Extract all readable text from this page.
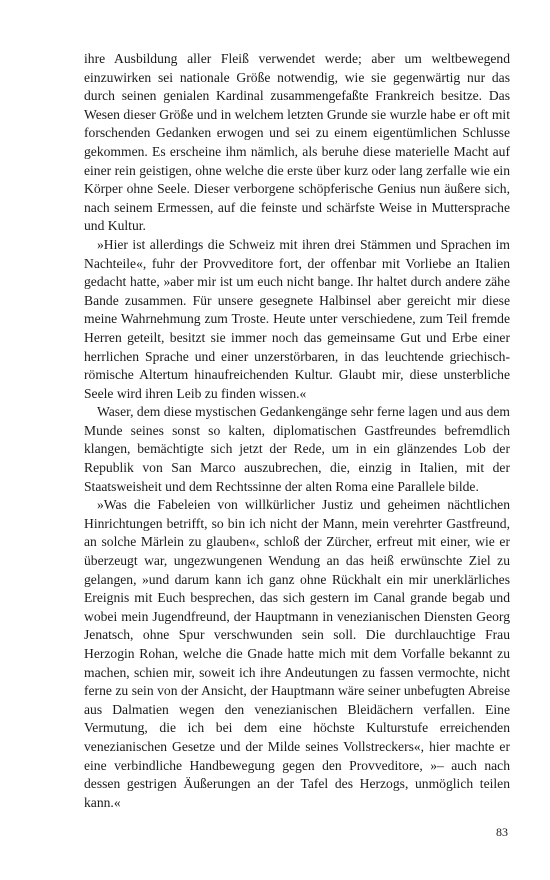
ihre Ausbildung aller Fleiß verwendet werde; aber um weltbewegend einzuwirken sei nationale Größe notwendig, wie sie gegenwärtig nur das durch seinen genialen Kardinal zusammengefaßte Frankreich besitze. Das Wesen dieser Größe und in welchem letzten Grunde sie wurzle habe er oft mit forschenden Gedanken erwogen und sei zu einem eigentümlichen Schlusse gekommen. Es erscheine ihm nämlich, als beruhe diese materielle Macht auf einer rein geistigen, ohne welche die erste über kurz oder lang zerfalle wie ein Körper ohne Seele. Dieser verborgene schöpferische Genius nun äußere sich, nach seinem Ermessen, auf die feinste und schärfste Weise in Muttersprache und Kultur.

»Hier ist allerdings die Schweiz mit ihren drei Stämmen und Sprachen im Nachteile«, fuhr der Provveditore fort, der offenbar mit Vorliebe an Italien gedacht hatte, »aber mir ist um euch nicht bange. Ihr haltet durch andere zähe Bande zusammen. Für unsere gesegnete Halbinsel aber gereicht mir diese meine Wahrnehmung zum Troste. Heute unter verschiedene, zum Teil fremde Herren geteilt, besitzt sie immer noch das gemeinsame Gut und Erbe einer herrlichen Sprache und einer unzerstörbaren, in das leuchtende griechisch-römische Altertum hinaufreichenden Kultur. Glaubt mir, diese unsterbliche Seele wird ihren Leib zu finden wissen.«

Waser, dem diese mystischen Gedankengänge sehr ferne lagen und aus dem Munde seines sonst so kalten, diplomatischen Gastfreundes befremdlich klangen, bemächtigte sich jetzt der Rede, um in ein glänzendes Lob der Republik von San Marco auszubrechen, die, einzig in Italien, mit der Staatsweisheit und dem Rechtssinne der alten Roma eine Parallele bilde.

»Was die Fabeleien von willkürlicher Justiz und geheimen nächtlichen Hinrichtungen betrifft, so bin ich nicht der Mann, mein verehrter Gastfreund, an solche Märlein zu glauben«, schloß der Zürcher, erfreut mit einer, wie er überzeugt war, ungezwungenen Wendung an das heiß erwünschte Ziel zu gelangen, »und darum kann ich ganz ohne Rückhalt ein mir unerklärliches Ereignis mit Euch besprechen, das sich gestern im Canal grande begab und wobei mein Jugendfreund, der Hauptmann in venezianischen Diensten Georg Jenatsch, ohne Spur verschwunden sein soll. Die durchlauchtige Frau Herzogin Rohan, welche die Gnade hatte mich mit dem Vorfalle bekannt zu machen, schien mir, soweit ich ihre Andeutungen zu fassen vermochte, nicht ferne zu sein von der Ansicht, der Hauptmann wäre seiner unbefugten Abreise aus Dalmatien wegen den venezianischen Bleidächern verfallen. Eine Vermutung, die ich bei dem eine höchste Kulturstufe erreichenden venezianischen Gesetze und der Milde seines Vollstreckers«, hier machte er eine verbindliche Handbewegung gegen den Provveditore, »– auch nach dessen gestrigen Äußerungen an der Tafel des Herzogs, unmöglich teilen kann.«

83
